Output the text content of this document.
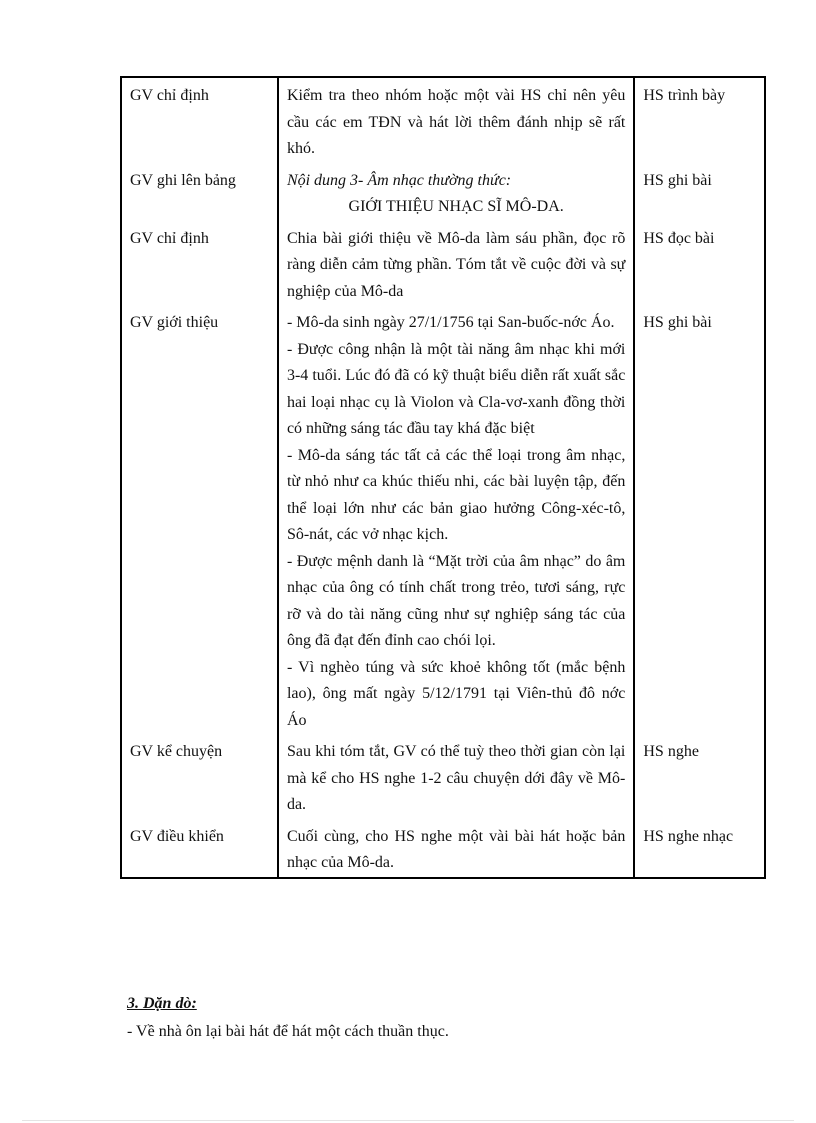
GV chỉ định	Kiểm tra theo nhóm hoặc một vài HS chỉ nên yêu cầu các em TĐN và hát lời thêm đánh nhịp sẽ rất khó.	HS trình bày
GV ghi lên bảng	Nội dung 3- Âm nhạc thường thức:

GIỚI THIỆU NHẠC SĨ MÔ-DA.	HS ghi bài
GV chỉ định	Chia bài giới thiệu về Mô-da làm sáu phần, đọc rõ ràng diễn cảm từng phần. Tóm tắt về cuộc đời và sự nghiệp của Mô-da	HS đọc bài
GV giới thiệu	- Mô-da sinh ngày 27/1/1756 tại San-buốc-nớc Áo.

- Được công nhận là một tài năng âm nhạc khi mới 3-4 tuổi. Lúc đó đã có kỹ thuật biểu diễn rất xuất sắc hai loại nhạc cụ là Violon và Cla-vơ-xanh đồng thời có những sáng tác đầu tay khá đặc biệt

- Mô-da sáng tác tất cả các thể loại trong âm nhạc, từ nhỏ như ca khúc thiếu nhi, các bài luyện tập, đến thể loại lớn như các bản giao hưởng Công-xéc-tô, Sô-nát, các vở nhạc kịch.

- Được mệnh danh là “Mặt trời của âm nhạc” do âm nhạc của ông có tính chất trong trẻo, tươi sáng, rực rỡ và do tài năng cũng như sự nghiệp sáng tác của ông đã đạt đến đỉnh cao chói lọi.

- Vì nghèo túng và sức khoẻ không tốt (mắc bệnh lao), ông mất ngày 5/12/1791 tại Viên-thủ đô nớc Áo	HS ghi bài
GV kể chuyện	Sau khi tóm tắt, GV có thể tuỳ theo thời gian còn lại mà kể cho HS nghe 1-2 câu chuyện dới đây về Mô-da.	HS nghe
GV điều khiển	Cuối cùng, cho HS nghe một vài bài hát hoặc bản nhạc của Mô-da.	HS nghe nhạc

3. Dặn dò:

- Về nhà ôn lại bài hát để hát một cách thuần thục.
